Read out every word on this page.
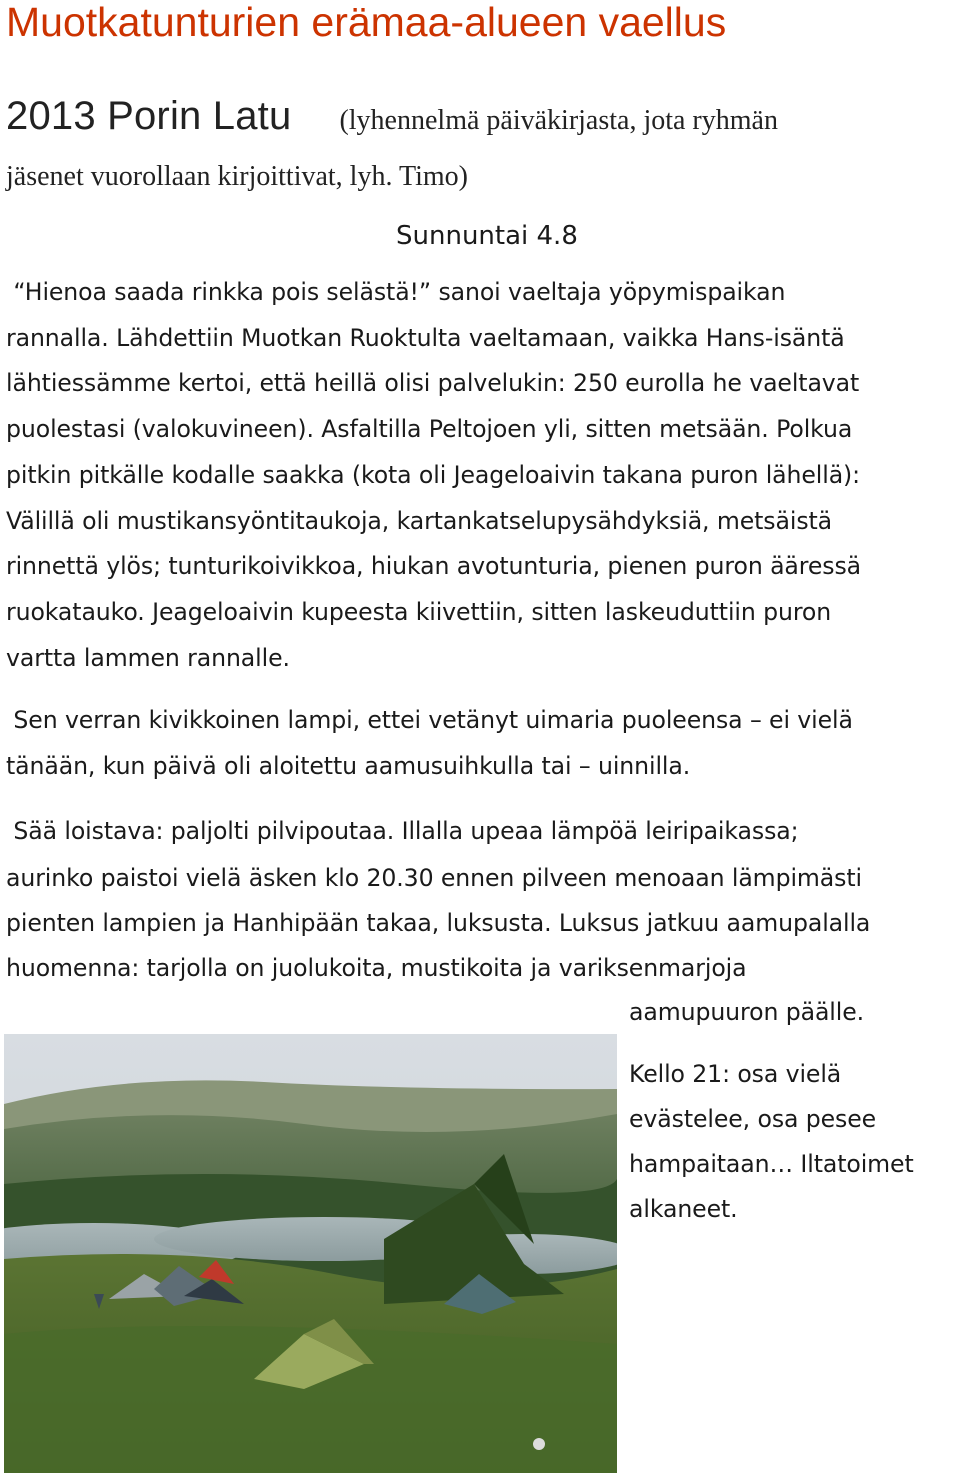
Muotkatunturien erämaa-alueen vaellus
2013 Porin Latu (lyhennelmä päiväkirjasta, jota ryhmän
jäsenet vuorollaan kirjoittivat, lyh. Timo)
Sunnuntai 4.8
“Hienoa saada rinkka pois selästä!” sanoi vaeltaja yöpymispaikan
rannalla. Lähdettiin Muotkan Ruoktulta vaeltamaan, vaikka Hans-isäntä
lähtiessämme kertoi, että heillä olisi palvelukin: 250 eurolla he vaeltavat
puolestasi (valokuvineen). Asfaltilla Peltojoen yli, sitten metsään. Polkua
pitkin pitkälle kodalle saakka (kota oli Jeageloaivin takana puron lähellä):
Välillä oli mustikansyöntitaukoja, kartankatselupysähdyksiä, metsäistä
rinnettä ylös; tunturikoivikkoa, hiukan avotunturia, pienen puron ääressä
ruokatauko. Jeageloaivin kupeesta kiivettiin, sitten laskeuduttiin puron
vartta lammen rannalle.
Sen verran kivikkoinen lampi, ettei vetänyt uimaria puoleensa – ei vielä
tänään, kun päivä oli aloitettu aamusuihkulla tai – uinnilla.
Sää loistava: paljolti pilvipoutaa. Illalla upeaa lämpöä leiripaikassa;
aurinko paistoi vielä äsken klo 20.30 ennen pilveen menoaan lämpimästi
pienten lampien ja Hanhipään takaa, luksusta. Luksus jatkuu aamupalalla
huomenna: tarjolla on juolukoita, mustikoita ja variksenmarjoja
aamupuuron päälle.
Kello 21: osa vielä
evästelee, osa pesee
hampaitaan… Iltatoimet
alkaneet.
